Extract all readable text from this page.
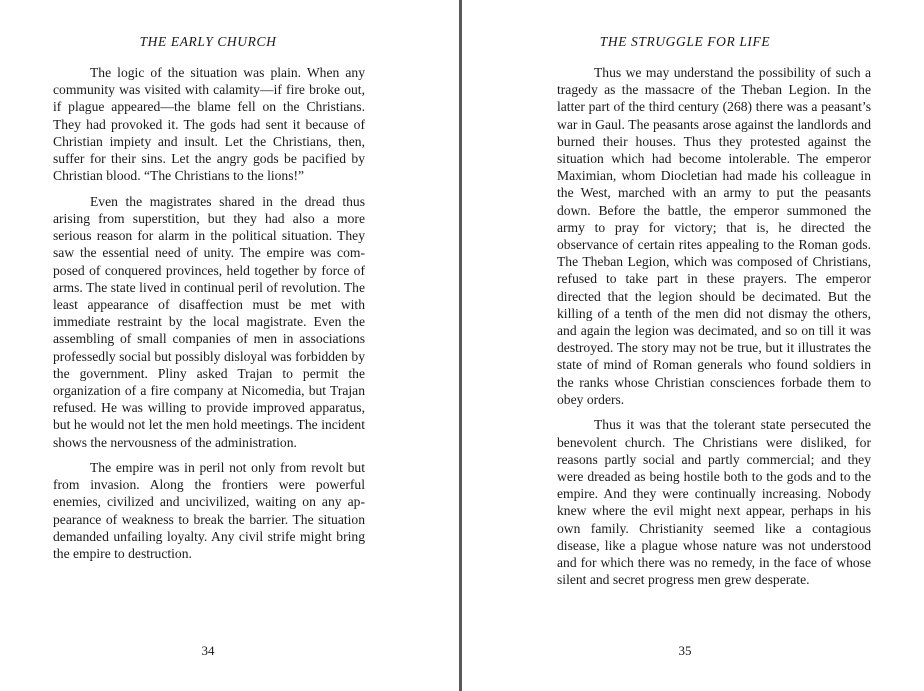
THE EARLY CHURCH

The logic of the situation was plain. When any community was visited with calamity—if fire broke out, if plague appeared—the blame fell on the Christians. They had provoked it. The gods had sent it because of Christian impiety and insult. Let the Christians, then, suffer for their sins. Let the angry gods be pacified by Christian blood. “The Christians to the lions!”

Even the magistrates shared in the dread thus arising from superstition, but they had also a more serious reason for alarm in the political situation. They saw the essential need of unity. The empire was composed of conquered provinces, held together by force of arms. The state lived in continual peril of revolution. The least appearance of disaffection must be met with immediate restraint by the local magistrate. Even the assembling of small companies of men in associations professedly social but possibly disloyal was forbidden by the government. Pliny asked Trajan to permit the organization of a fire company at Nicomedia, but Trajan refused. He was willing to provide improved apparatus, but he would not let the men hold meetings. The incident shows the nervousness of the administration.

The empire was in peril not only from revolt but from invasion. Along the frontiers were powerful enemies, civilized and uncivilized, waiting on any appearance of weakness to break the barrier. The situation demanded unfailing loyalty. Any civil strife might bring the empire to destruction.

34
THE STRUGGLE FOR LIFE

Thus we may understand the possibility of such a tragedy as the massacre of the Theban Legion. In the latter part of the third century (268) there was a peasant’s war in Gaul. The peasants arose against the landlords and burned their houses. Thus they protested against the situation which had become intolerable. The emperor Maximian, whom Diocletian had made his colleague in the West, marched with an army to put the peasants down. Before the battle, the emperor summoned the army to pray for victory; that is, he directed the observance of certain rites appealing to the Roman gods. The Theban Legion, which was composed of Christians, refused to take part in these prayers. The emperor directed that the legion should be decimated. But the killing of a tenth of the men did not dismay the others, and again the legion was decimated, and so on till it was destroyed. The story may not be true, but it illustrates the state of mind of Roman generals who found soldiers in the ranks whose Christian consciences forbade them to obey orders.

Thus it was that the tolerant state persecuted the benevolent church. The Christians were disliked, for reasons partly social and partly commercial; and they were dreaded as being hostile both to the gods and to the empire. And they were continually increasing. Nobody knew where the evil might next appear, perhaps in his own family. Christianity seemed like a contagious disease, like a plague whose nature was not understood and for which there was no remedy, in the face of whose silent and secret progress men grew desperate.

35
